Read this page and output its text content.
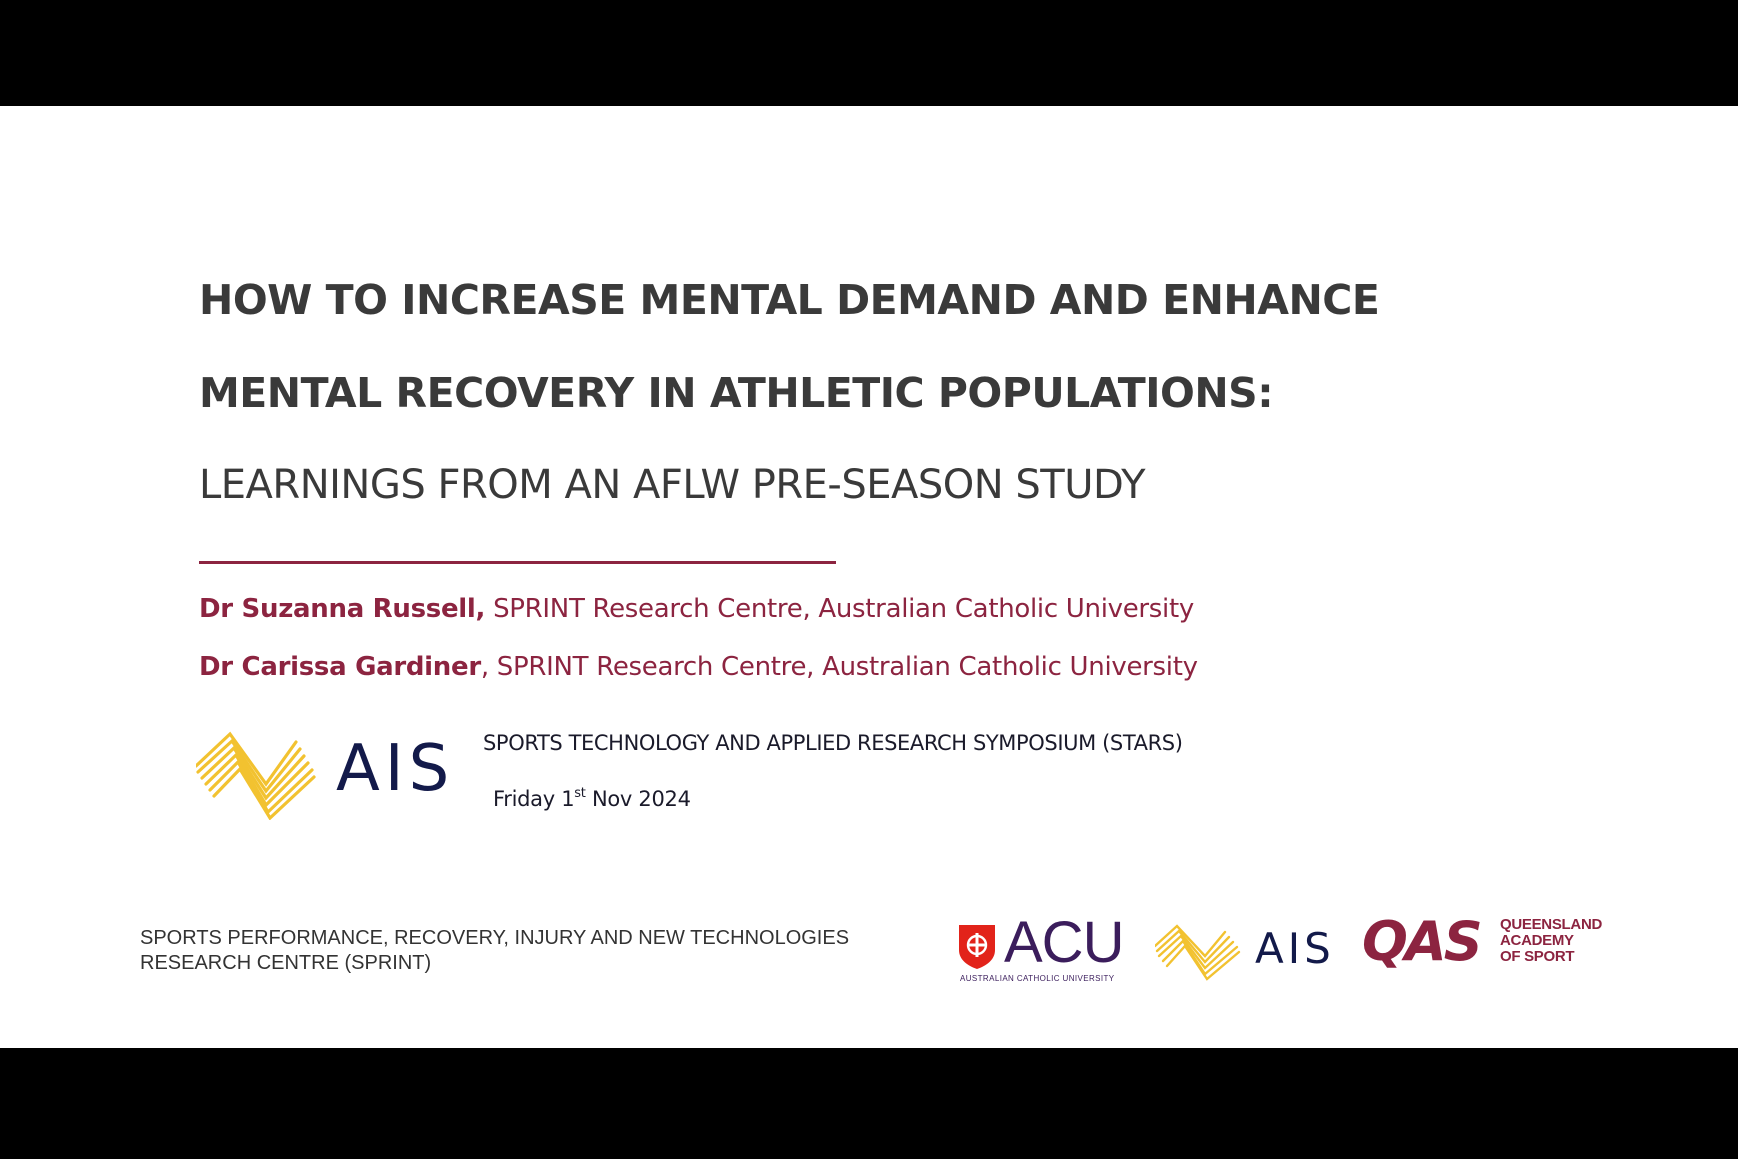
HOW TO INCREASE MENTAL DEMAND AND ENHANCE
MENTAL RECOVERY IN ATHLETIC POPULATIONS:
LEARNINGS FROM AN AFLW PRE-SEASON STUDY
Dr Suzanna Russell, SPRINT Research Centre, Australian Catholic University
Dr Carissa Gardiner, SPRINT Research Centre, Australian Catholic University
AIS SPORTS TECHNOLOGY AND APPLIED RESEARCH SYMPOSIUM (STARS)
Friday 1st Nov 2024
SPORTS PERFORMANCE, RECOVERY, INJURY AND NEW TECHNOLOGIES
RESEARCH CENTRE (SPRINT)	ACU
AUSTRALIAN CATHOLIC UNIVERSITY
AIS QAS QUEENSLAND
ACADEMY
OF SPORT
